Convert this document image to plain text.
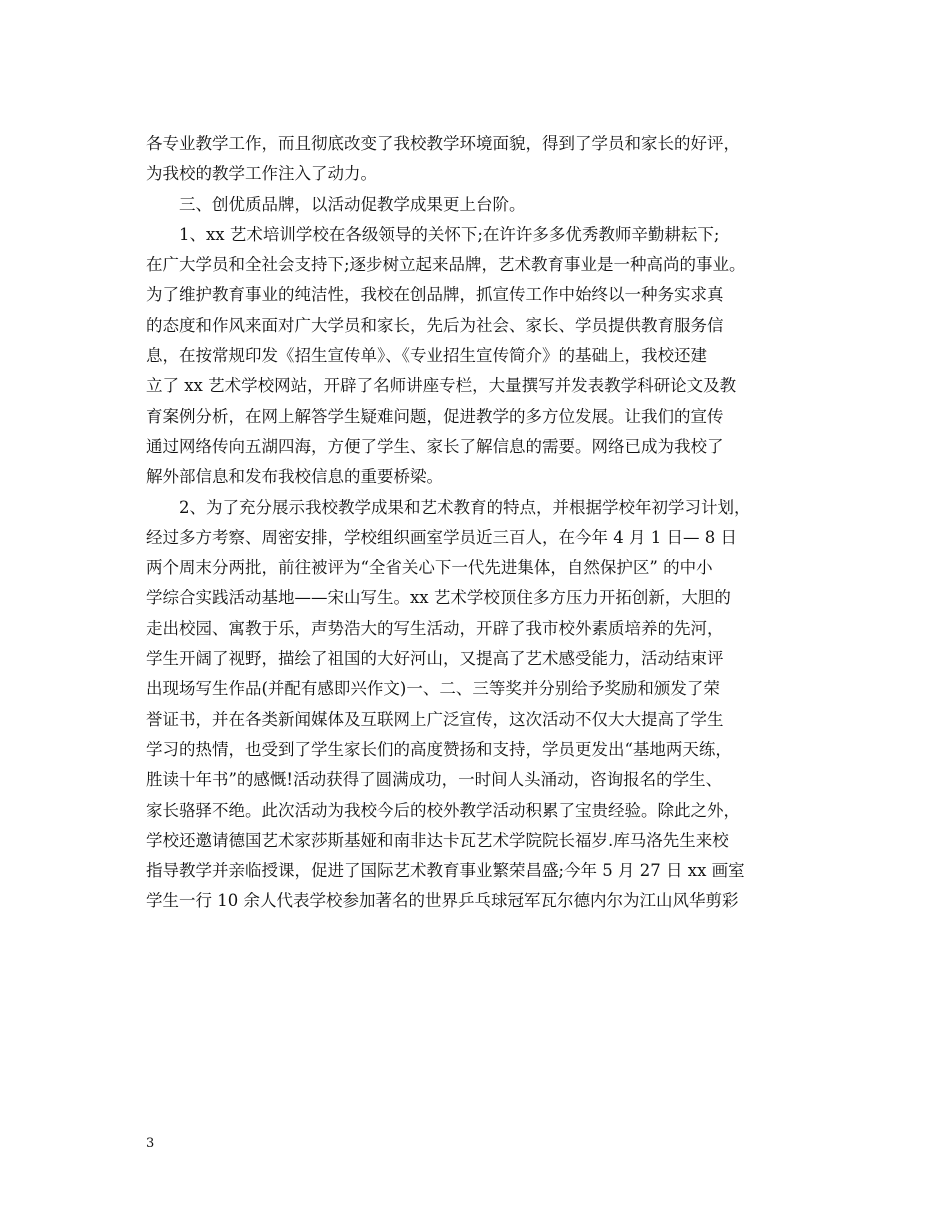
各专业教学工作，而且彻底改变了我校教学环境面貌，得到了学员和家长的好评，
为我校的教学工作注入了动力。
三、创优质品牌，以活动促教学成果更上台阶。
1、xx 艺术培训学校在各级领导的关怀下;在许许多多优秀教师辛勤耕耘下;
在广大学员和全社会支持下;逐步树立起来品牌，艺术教育事业是一种高尚的事业。
为了维护教育事业的纯洁性，我校在创品牌，抓宣传工作中始终以一种务实求真
的态度和作风来面对广大学员和家长，先后为社会、家长、学员提供教育服务信
息，在按常规印发《招生宣传单》、《专业招生宣传简介》的基础上，我校还建
立了 xx 艺术学校网站，开辟了名师讲座专栏，大量撰写并发表教学科研论文及教
育案例分析，在网上解答学生疑难问题，促进教学的多方位发展。让我们的宣传
通过网络传向五湖四海，方便了学生、家长了解信息的需要。网络已成为我校了
解外部信息和发布我校信息的重要桥梁。
2、为了充分展示我校教学成果和艺术教育的特点，并根据学校年初学习计划，
经过多方考察、周密安排，学校组织画室学员近三百人，在今年 4 月 1 日— 8 日
两个周末分两批，前往被评为“全省关心下一代先进集体，自然保护区” 的中小
学综合实践活动基地——宋山写生。xx 艺术学校顶住多方压力开拓创新，大胆的
走出校园、寓教于乐，声势浩大的写生活动，开辟了我市校外素质培养的先河，
学生开阔了视野，描绘了祖国的大好河山，又提高了艺术感受能力，活动结束评
出现场写生作品(并配有感即兴作文)一、二、三等奖并分别给予奖励和颁发了荣
誉证书，并在各类新闻媒体及互联网上广泛宣传，这次活动不仅大大提高了学生
学习的热情，也受到了学生家长们的高度赞扬和支持，学员更发出“基地两天练，
胜读十年书”的感慨!活动获得了圆满成功，一时间人头涌动，咨询报名的学生、
家长骆驿不绝。此次活动为我校今后的校外教学活动积累了宝贵经验。除此之外，
学校还邀请德国艺术家莎斯基娅和南非达卡瓦艺术学院院长福岁.库马洛先生来校
指导教学并亲临授课，促进了国际艺术教育事业繁荣昌盛;今年 5 月 27 日 xx 画室
学生一行 10 余人代表学校参加著名的世界乒乓球冠军瓦尔德内尔为江山风华剪彩
3
